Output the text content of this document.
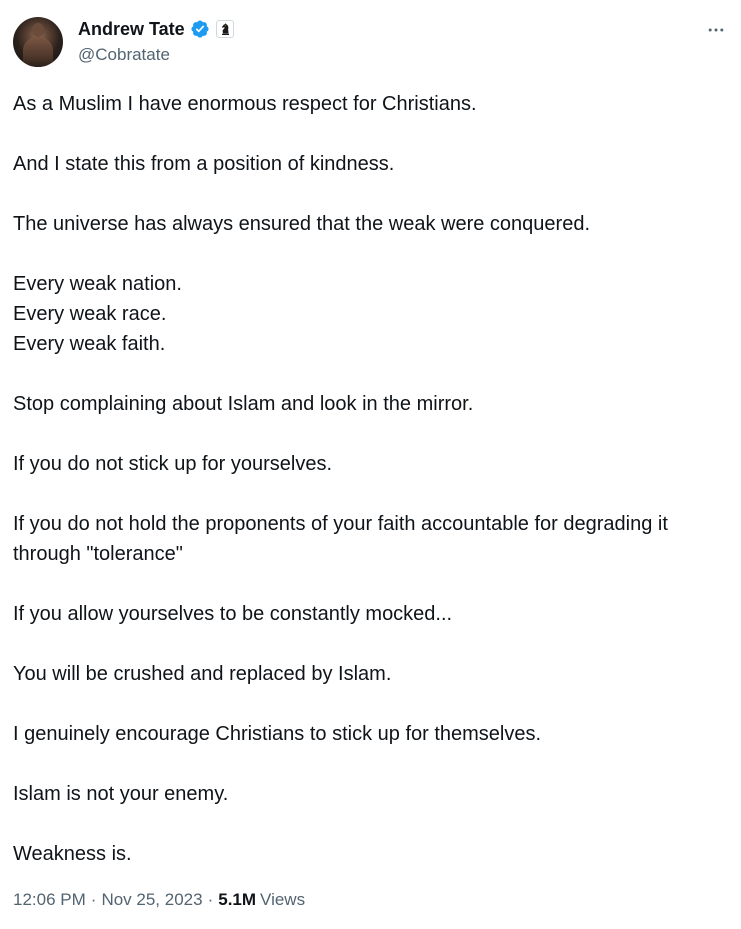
Andrew Tate
@Cobratate

As a Muslim I have enormous respect for Christians.

And I state this from a position of kindness.

The universe has always ensured that the weak were conquered.

Every weak nation.
Every weak race.
Every weak faith.

Stop complaining about Islam and look in the mirror.

If you do not stick up for yourselves.

If you do not hold the proponents of your faith accountable for degrading it through "tolerance"

If you allow yourselves to be constantly mocked...

You will be crushed and replaced by Islam.

I genuinely encourage Christians to stick up for themselves.

Islam is not your enemy.

Weakness is.

12:06 PM · Nov 25, 2023 · 5.1M Views
